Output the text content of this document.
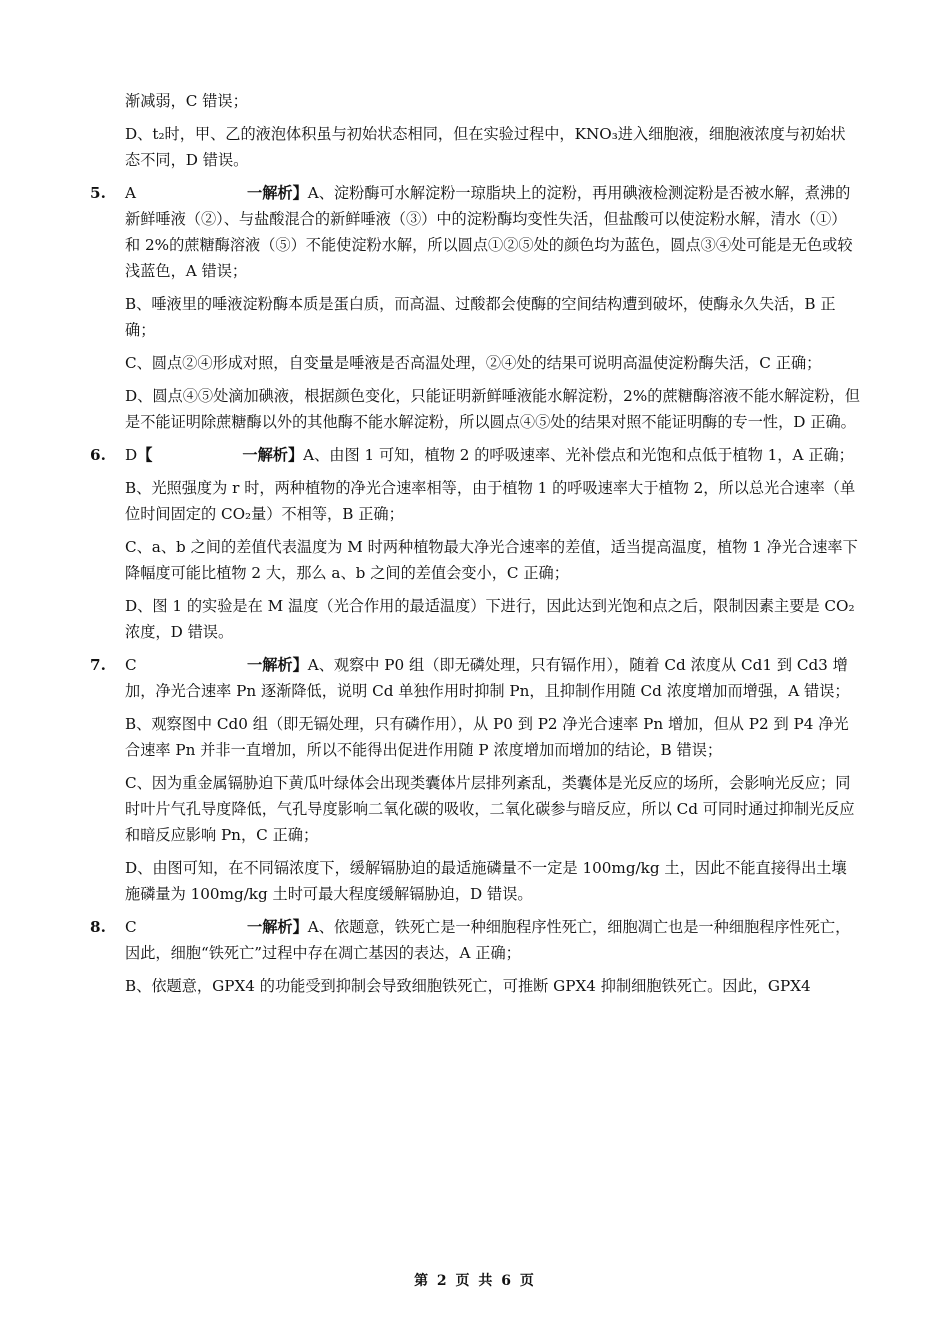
渐减弱，C 错误；
D、t₂时，甲、乙的液泡体积虽与初始状态相同，但在实验过程中，KNO₃进入细胞液，细胞液浓度与初始状态不同，D 错误。
5. A	一解析】A、淀粉酶可水解淀粉一琼脂块上的淀粉，再用碘液检测淀粉是否被水解，煮沸的新鲜唾液（②）、与盐酸混合的新鲜唾液（③）中的淀粉酶均变性失活，但盐酸可以使淀粉水解，清水（①）和 2%的蔗糖酶溶液（⑤）不能使淀粉水解，所以圆点①②⑤处的颜色均为蓝色，圆点③④处可能是无色或较浅蓝色，A 错误；
B、唾液里的唾液淀粉酶本质是蛋白质，而高温、过酸都会使酶的空间结构遭到破坏，使酶永久失活，B 正确；
C、圆点②④形成对照，自变量是唾液是否高温处理，②④处的结果可说明高温使淀粉酶失活，C 正确；
D、圆点④⑤处滴加碘液，根据颜色变化，只能证明新鲜唾液能水解淀粉，2%的蔗糖酶溶液不能水解淀粉，但是不能证明除蔗糖酶以外的其他酶不能水解淀粉，所以圆点④⑤处的结果对照不能证明酶的专一性，D 正确。
6. D【	一解析】A、由图 1 可知，植物 2 的呼吸速率、光补偿点和光饱和点低于植物 1，A 正确；
B、光照强度为 r 时，两种植物的净光合速率相等，由于植物 1 的呼吸速率大于植物 2，所以总光合速率（单位时间固定的 CO₂量）不相等，B 正确；
C、a、b 之间的差值代表温度为 M 时两种植物最大净光合速率的差值，适当提高温度，植物 1 净光合速率下降幅度可能比植物 2 大，那么 a、b 之间的差值会变小，C 正确；
D、图 1 的实验是在 M 温度（光合作用的最适温度）下进行，因此达到光饱和点之后，限制因素主要是 CO₂浓度，D 错误。
7. C	一解析】A、观察中 P0 组（即无磷处理，只有镉作用），随着 Cd 浓度从 Cd1 到 Cd3 增加，净光合速率 Pn 逐渐降低，说明 Cd 单独作用时抑制 Pn，且抑制作用随 Cd 浓度增加而增强，A 错误；
B、观察图中 Cd0 组（即无镉处理，只有磷作用），从 P0 到 P2 净光合速率 Pn 增加，但从 P2 到 P4 净光合速率 Pn 并非一直增加，所以不能得出促进作用随 P 浓度增加而增加的结论，B 错误；
C、因为重金属镉胁迫下黄瓜叶绿体会出现类囊体片层排列紊乱，类囊体是光反应的场所，会影响光反应；同时叶片气孔导度降低，气孔导度影响二氧化碳的吸收，二氧化碳参与暗反应，所以 Cd 可同时通过抑制光反应和暗反应影响 Pn，C 正确；
D、由图可知，在不同镉浓度下，缓解镉胁迫的最适施磷量不一定是 100mg/kg 土，因此不能直接得出土壤施磷量为 100mg/kg 土时可最大程度缓解镉胁迫，D 错误。
8. C	一解析】A、依题意，铁死亡是一种细胞程序性死亡，细胞凋亡也是一种细胞程序性死亡，因此，细胞“铁死亡”过程中存在凋亡基因的表达，A 正确；
B、依题意，GPX4 的功能受到抑制会导致细胞铁死亡，可推断 GPX4 抑制细胞铁死亡。因此，GPX4
第 2 页 共 6 页
